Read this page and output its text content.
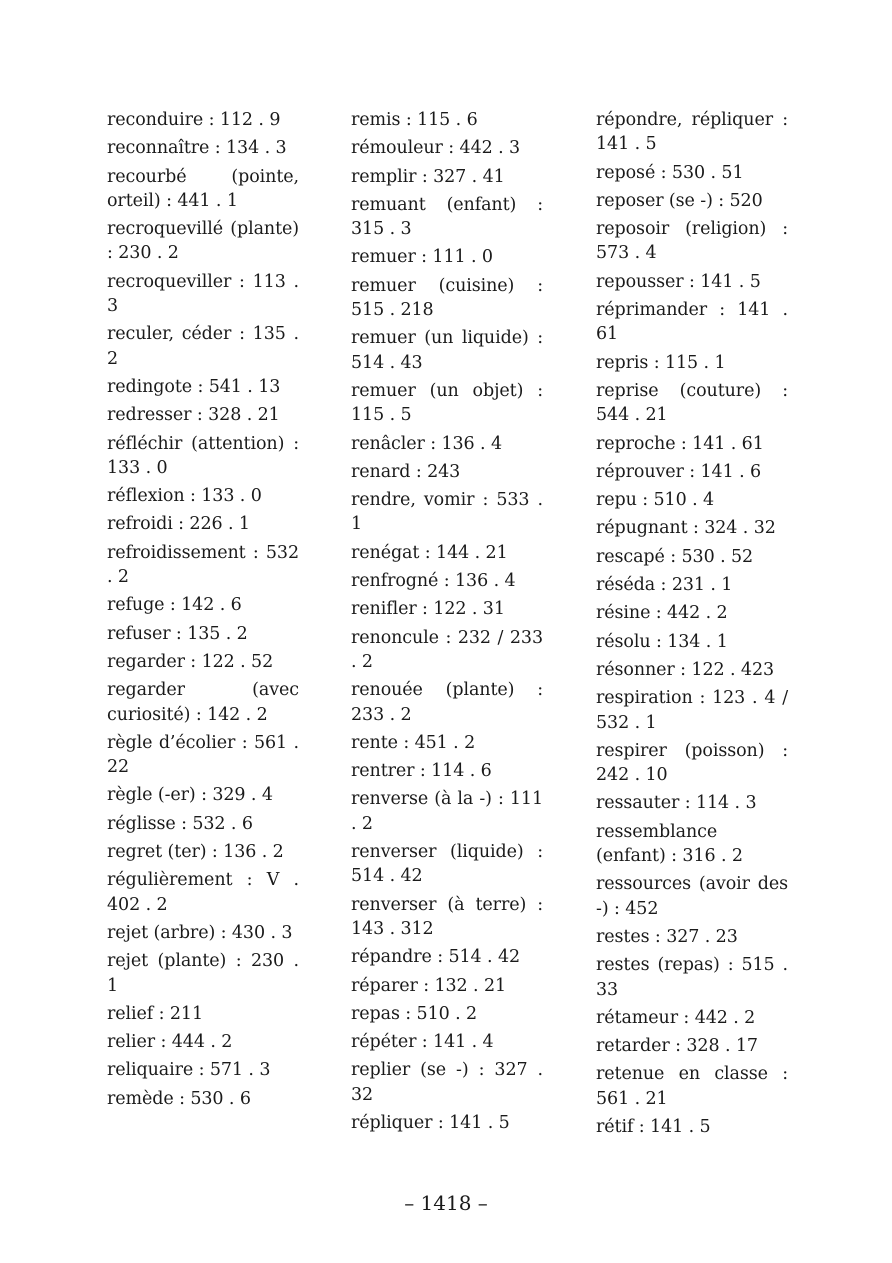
reconduire : 112 . 9
reconnaître : 134 . 3
recourbé (pointe, orteil) : 441 . 1
recroquevillé (plante) : 230 . 2
recroqueviller : 113 . 3
reculer, céder : 135 . 2
redingote : 541 . 13
redresser : 328 . 21
réfléchir (attention) : 133 . 0
réflexion : 133 . 0
refroidi : 226 . 1
refroidissement : 532 . 2
refuge : 142 . 6
refuser : 135 . 2
regarder : 122 . 52
regarder (avec curiosité) : 142 . 2
règle d’écolier : 561 . 22
règle (-er) : 329 . 4
réglisse : 532 . 6
regret (ter) : 136 . 2
régulièrement : V . 402 . 2
rejet (arbre) : 430 . 3
rejet (plante) : 230 . 1
relief : 211
relier : 444 . 2
reliquaire : 571 . 3
remède : 530 . 6
remis : 115 . 6
rémouleur : 442 . 3
remplir : 327 . 41
remuant (enfant) : 315 . 3
remuer : 111 . 0
remuer (cuisine) : 515 . 218
remuer (un liquide) : 514 . 43
remuer (un objet) : 115 . 5
renâcler : 136 . 4
renard : 243
rendre, vomir : 533 . 1
renégat : 144 . 21
renfrogné : 136 . 4
renifler : 122 . 31
renoncule : 232 / 233 . 2
renouée (plante) : 233 . 2
rente : 451 . 2
rentrer : 114 . 6
renverse (à la -) : 111 . 2
renverser (liquide) : 514 . 42
renverser (à terre) : 143 . 312
répandre : 514 . 42
réparer : 132 . 21
repas : 510 . 2
répéter : 141 . 4
replier (se -) : 327 . 32
répliquer : 141 . 5
répondre, répliquer : 141 . 5
reposé : 530 . 51
reposer (se -) : 520
reposoir (religion) : 573 . 4
repousser : 141 . 5
réprimander : 141 . 61
repris : 115 . 1
reprise (couture) : 544 . 21
reproche : 141 . 61
réprouver : 141 . 6
repu : 510 . 4
répugnant : 324 . 32
rescapé : 530 . 52
réséda : 231 . 1
résine : 442 . 2
résolu : 134 . 1
résonner : 122 . 423
respiration : 123 . 4 / 532 . 1
respirer (poisson) : 242 . 10
ressauter : 114 . 3
ressemblance (enfant) : 316 . 2
ressources (avoir des -) : 452
restes : 327 . 23
restes (repas) : 515 . 33
rétameur : 442 . 2
retarder : 328 . 17
retenue en classe : 561 . 21
rétif : 141 . 5
– 1418 –
